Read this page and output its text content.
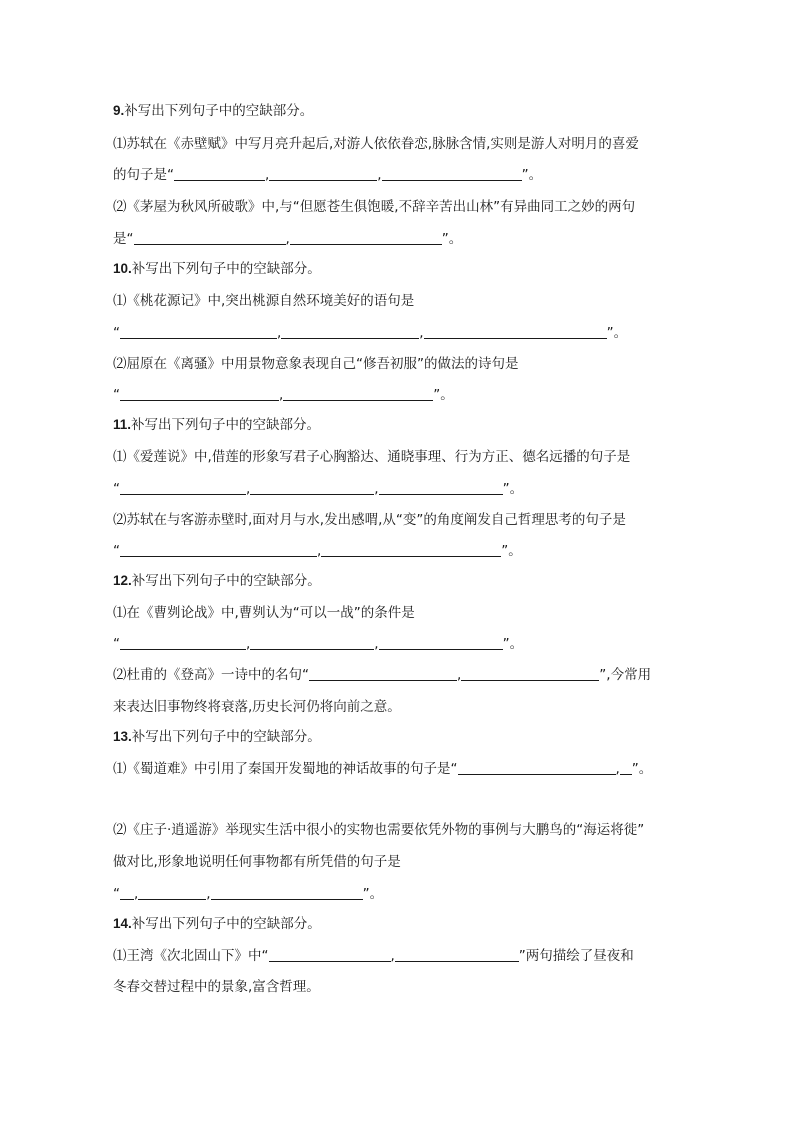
9.补写出下列句子中的空缺部分。
⑴苏轼在《赤壁赋》中写月亮升起后,对游人依依眷恋,脉脉含情,实则是游人对明月的喜爱
的句子是“	,	,	”。
⑵《茅屋为秋风所破歌》中,与“但愿苍生俱饱暖,不辞辛苦出山林”有异曲同工之妙的两句
是“	,	”。
10.补写出下列句子中的空缺部分。
⑴《桃花源记》中,突出桃源自然环境美好的语句是
“	,	,	”。
⑵屈原在《离骚》中用景物意象表现自己“修吾初服”的做法的诗句是
“	,	”。
11.补写出下列句子中的空缺部分。
⑴《爱莲说》中,借莲的形象写君子心胸豁达、通晓事理、行为方正、德名远播的句子是
“	,	,	”。
⑵苏轼在与客游赤壁时,面对月与水,发出感喟,从“变”的角度阐发自己哲理思考的句子是
“	,	”。
12.补写出下列句子中的空缺部分。
⑴在《曹刿论战》中,曹刿认为“可以一战”的条件是
“	,	,	”。
⑵杜甫的《登高》一诗中的名句“	,	”,今常用
来表达旧事物终将衰落,历史长河仍将向前之意。
13.补写出下列句子中的空缺部分。
⑴《蜀道难》中引用了秦国开发蜀地的神话故事的句子是“	, ”。
⑵《庄子·逍遥游》举现实生活中很小的实物也需要依凭外物的事例与大鹏鸟的“海运将徙”
做对比,形象地说明任何事物都有所凭借的句子是
“ ,	,	”。
14.补写出下列句子中的空缺部分。
⑴王湾《次北固山下》中“	,	”两句描绘了昼夜和
冬春交替过程中的景象,富含哲理。
